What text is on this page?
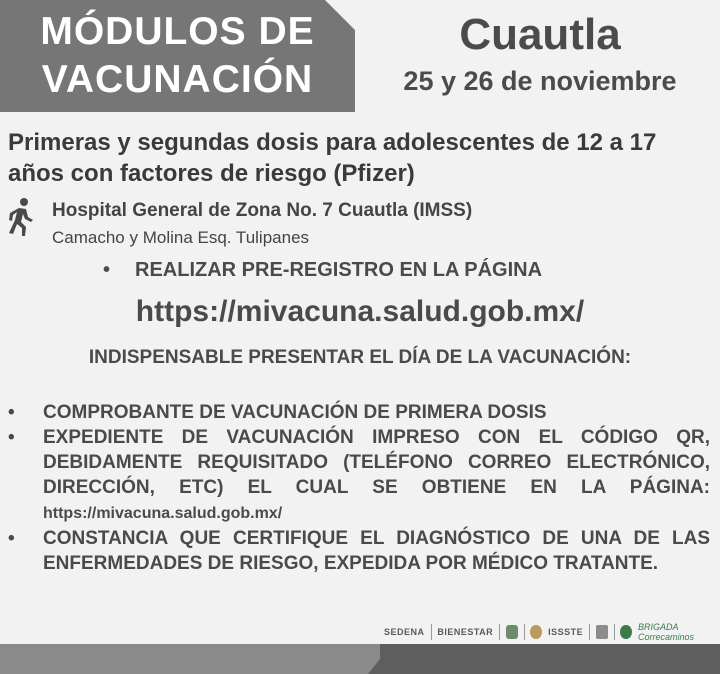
MÓDULOS DE
VACUNACIÓN
Cuautla
25 y 26 de noviembre
Primeras y segundas dosis para adolescentes de 12 a 17 años con factores de riesgo (Pfizer)
Hospital General de Zona No. 7 Cuautla (IMSS)
Camacho y Molina Esq. Tulipanes
• REALIZAR PRE-REGISTRO EN LA PÁGINA
https://mivacuna.salud.gob.mx/
INDISPENSABLE PRESENTAR EL DÍA DE LA VACUNACIÓN:
• COMPROBANTE DE VACUNACIÓN DE PRIMERA DOSIS
• EXPEDIENTE DE VACUNACIÓN IMPRESO CON EL CÓDIGO QR, DEBIDAMENTE REQUISITADO (TELÉFONO CORREO ELECTRÓNICO, DIRECCIÓN, ETC) EL CUAL SE OBTIENE EN LA PÁGINA: https://mivacuna.salud.gob.mx/
• CONSTANCIA QUE CERTIFIQUE EL DIAGNÓSTICO DE UNA DE LAS ENFERMEDADES DE RIESGO, EXPEDIDA POR MÉDICO TRATANTE.
SEDENA BIENESTAR	ISSSTE	BRIGADA Correcaminos
